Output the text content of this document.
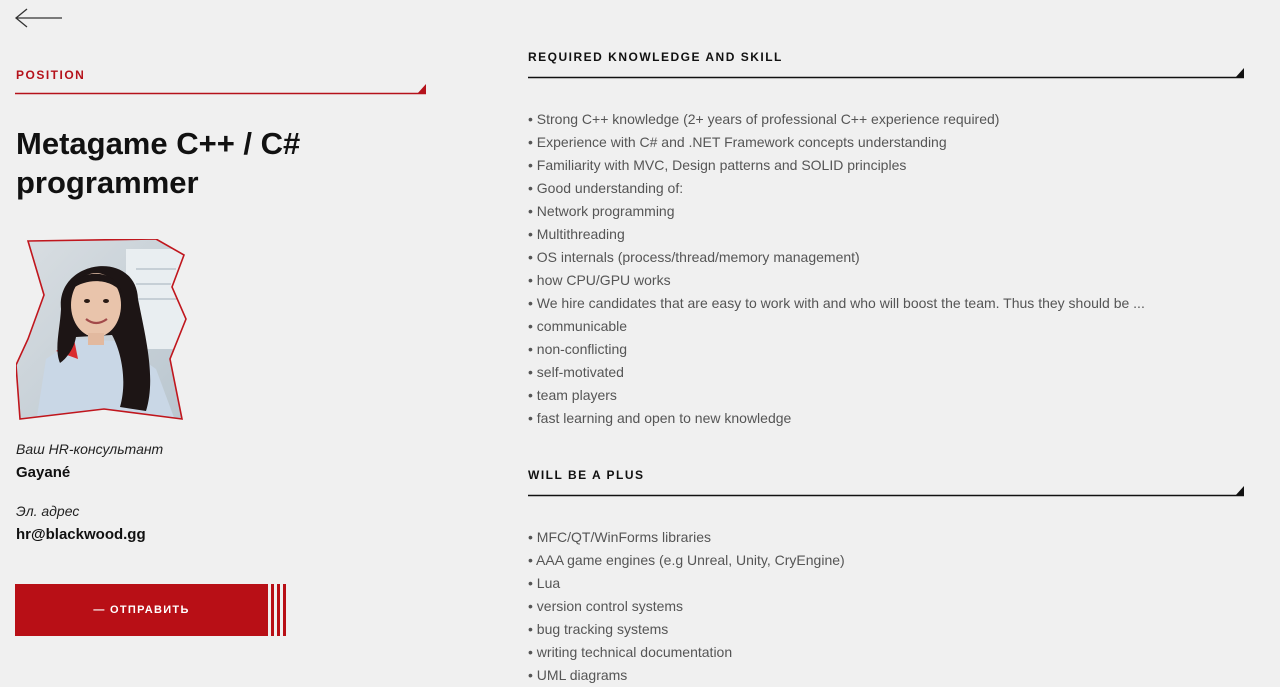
POSITION
Metagame C++ / C# programmer
Ваш HR-консультант
Gayané
Эл. адрес
hr@blackwood.gg
— ОТПРАВИТЬ
REQUIRED KNOWLEDGE AND SKILL
• Strong C++ knowledge (2+ years of professional C++ experience required)
• Experience with C# and .NET Framework concepts understanding
• Familiarity with MVC, Design patterns and SOLID principles
• Good understanding of:
• Network programming
• Multithreading
• OS internals (process/thread/memory management)
• how CPU/GPU works
• We hire candidates that are easy to work with and who will boost the team. Thus they should be ...
• communicable
• non-conflicting
• self-motivated
• team players
• fast learning and open to new knowledge
WILL BE A PLUS
• MFC/QT/WinForms libraries
• AAA game engines (e.g Unreal, Unity, CryEngine)
• Lua
• version control systems
• bug tracking systems
• writing technical documentation
• UML diagrams
